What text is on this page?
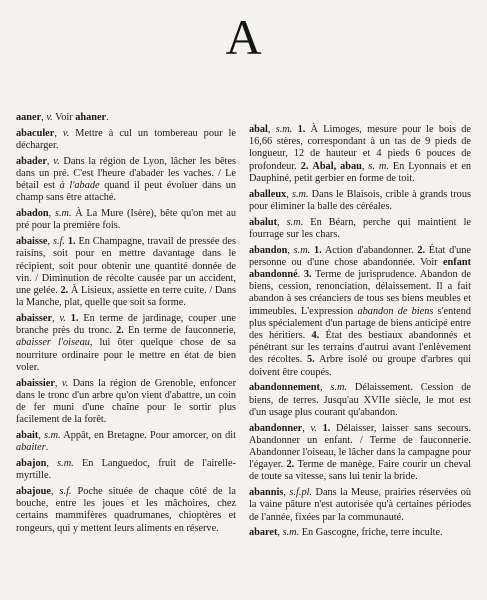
A

aaner, v. Voir ahaner.

abaculer, v. Mettre à cul un tombereau pour le décharger.

abader, v. Dans la région de Lyon, lâcher les bêtes dans un pré. C'est l'heure d'abader les vaches. / Le bétail est à l'abade quand il peut évoluer dans un champ sans être attaché.

abadon, s.m. À La Mure (Isère), bête qu'on met au pré pour la première fois.

abaisse, s.f. 1. En Champagne, travail de pressée des raisins, soit pour en mettre davantage dans le récipient, soit pour obtenir une quantité donnée de vin. / Diminution de récolte causée par un accident, une gelée. 2. À Lisieux, assiette en terre cuite. / Dans la Manche, plat, quelle que soit sa forme.

abaisser, v. 1. En terme de jardinage, couper une branche près du tronc. 2. En terme de fauconnerie, abaisser l'oiseau, lui ôter quelque chose de sa nourriture ordinaire pour le mettre en état de bien voler.

abaissier, v. Dans la région de Grenoble, enfoncer dans le tronc d'un arbre qu'on vient d'abattre, un coin de fer muni d'une chaîne pour le sortir plus facilement de la forêt.

abait, s.m. Appât, en Bretagne. Pour amorcer, on dit abaiter.

abajon, s.m. En Languedoc, fruit de l'airelle-myrtille.

abajoue, s.f. Poche située de chaque côté de la bouche, entre les joues et les mâchoires, chez certains mammifères quadrumanes, chioptères et rongeurs, qui y mettent leurs aliments en réserve.

abal, s.m. 1. À Limoges, mesure pour le bois de 16,66 stères, correspondant à un tas de 9 pieds de longueur, 12 de hauteur et 4 pieds 6 pouces de profondeur. 2. Abal, abau, s. m. En Lyonnais et en Dauphiné, petit gerbier en forme de toit.

aballeux, s.m. Dans le Blaisois, crible à grands trous pour éliminer la balle des céréales.

abalut, s.m. En Béarn, perche qui maintient le fourrage sur les chars.

abandon, s.m. 1. Action d'abandonner. 2. État d'une personne ou d'une chose abandonnée. Voir enfant abandonné. 3. Terme de jurisprudence. Abandon de biens, cession, renonciation, délaissement. Il a fait abandon à ses créanciers de tous ses biens meubles et immeubles. L'expression abandon de biens s'entend plus spécialement d'un partage de biens anticipé entre des héritiers. 4. État des bestiaux abandonnés et pénétrant sur les terrains d'autrui avant l'enlèvement des récoltes. 5. Arbre isolé ou groupe d'arbres qui doivent être coupés.

abandonnement, s.m. Délaissement. Cession de biens, de terres. Jusqu'au XVIIe siècle, le mot est d'un usage plus courant qu'abandon.

abandonner, v. 1. Délaisser, laisser sans secours. Abandonner un enfant. / Terme de fauconnerie. Abandonner l'oiseau, le lâcher dans la campagne pour l'égayer. 2. Terme de manège. Faire courir un cheval de toute sa vitesse, sans lui tenir la bride.

abannis, s.f.pl. Dans la Meuse, prairies réservées où la vaine pâture n'est autorisée qu'à certaines périodes de l'année, fixées par la communauté.

abaret, s.m. En Gascogne, friche, terre inculte.
